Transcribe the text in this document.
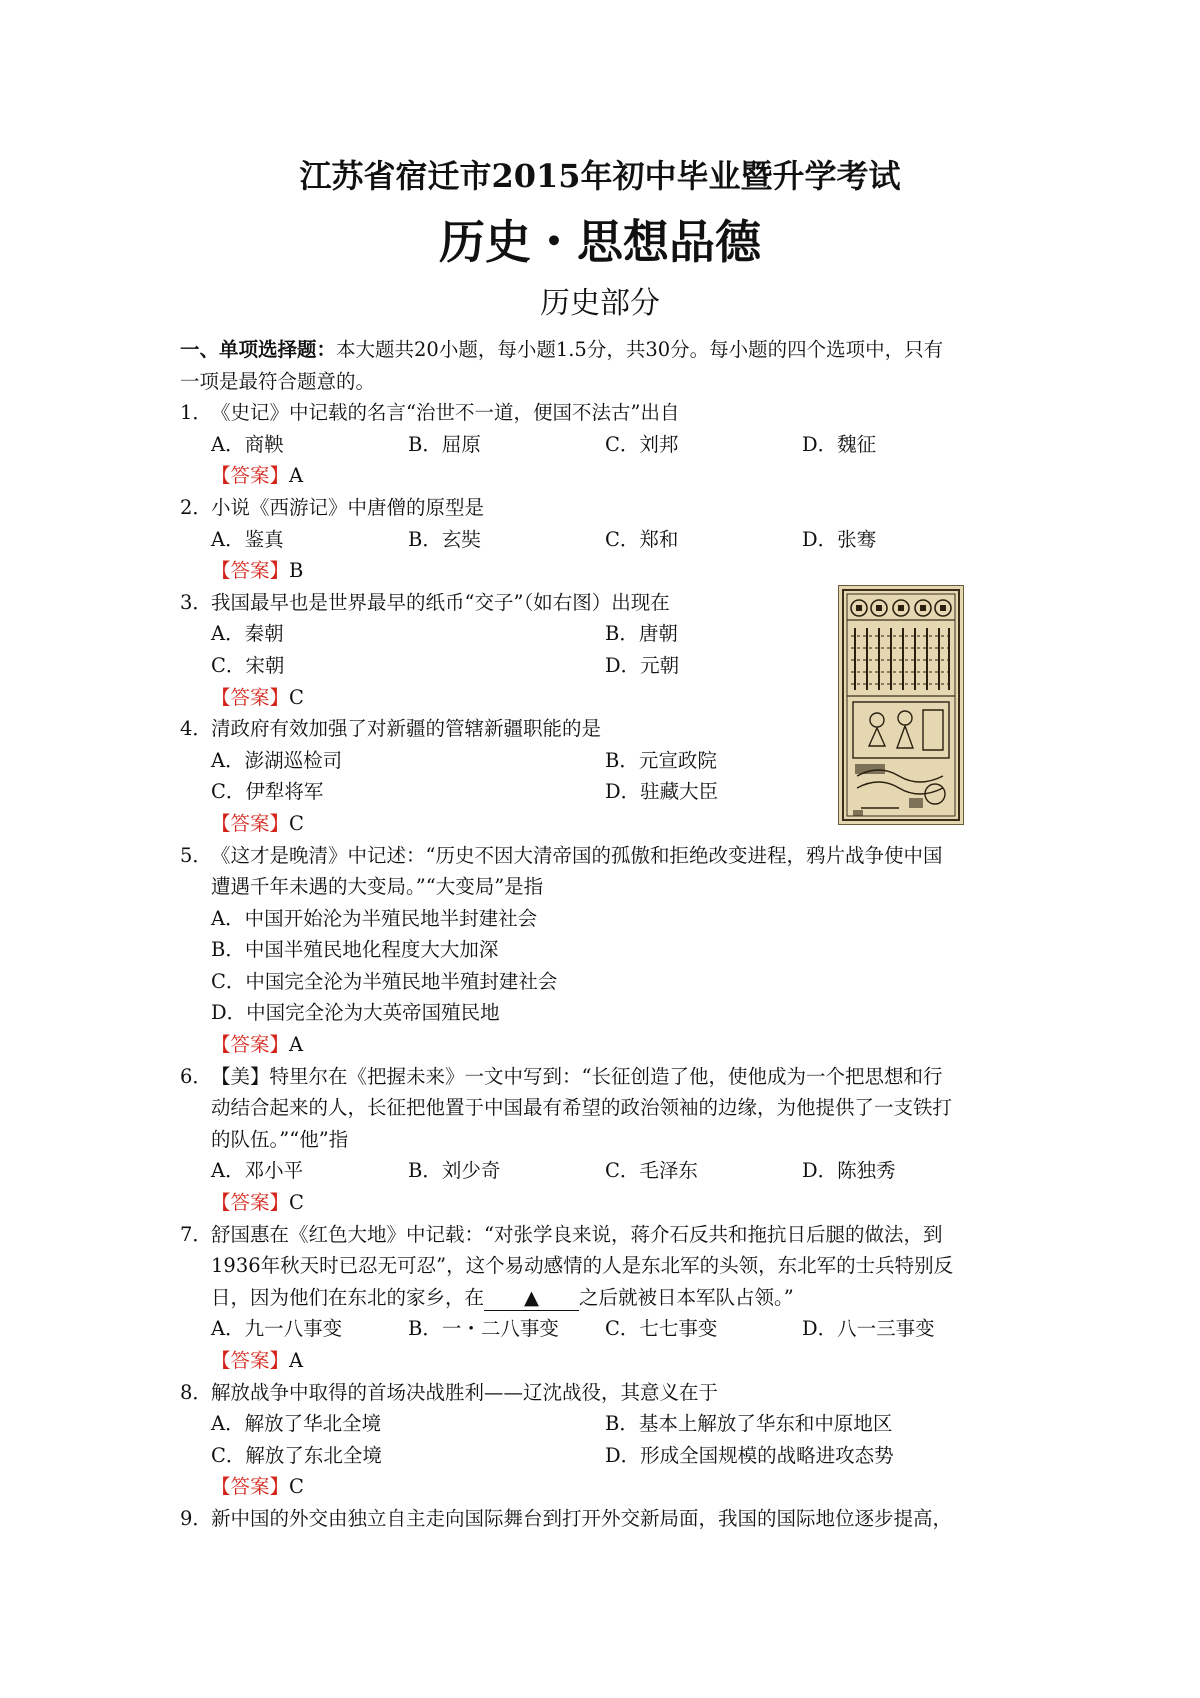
江苏省宿迁市2015年初中毕业暨升学考试
历史・思想品德
历史部分
一、单项选择题：本大题共20小题，每小题1.5分，共30分。每小题的四个选项中，只有
一项是最符合题意的。
1．《史记》中记载的名言“治世不一道，便国不法古”出自
A．商鞅	B．屈原	C．刘邦	D．魏征
【答案】A
2．小说《西游记》中唐僧的原型是
A．鉴真	B．玄奘	C．郑和	D．张骞
【答案】B
3．我国最早也是世界最早的纸币“交子”（如右图）出现在
A．秦朝	B．唐朝
C．宋朝	D．元朝
【答案】C
4．清政府有效加强了对新疆的管辖新疆职能的是
A．澎湖巡检司	B．元宣政院
C．伊犁将军	D．驻藏大臣
【答案】C
5．《这才是晚清》中记述：“历史不因大清帝国的孤傲和拒绝改变进程，鸦片战争使中国
遭遇千年未遇的大变局。”“大变局”是指
A．中国开始沦为半殖民地半封建社会
B．中国半殖民地化程度大大加深
C．中国完全沦为半殖民地半殖封建社会
D．中国完全沦为大英帝国殖民地
【答案】A
6．【美】特里尔在《把握未来》一文中写到：“长征创造了他，使他成为一个把思想和行
动结合起来的人，长征把他置于中国最有希望的政治领袖的边缘，为他提供了一支铁打
的队伍。”“他”指
A．邓小平	B．刘少奇	C．毛泽东	D．陈独秀
【答案】C
7．舒国惠在《红色大地》中记载：“对张学良来说，蒋介石反共和拖抗日后腿的做法，到
1936年秋天时已忍无可忍”，这个易动感情的人是东北军的头领，东北军的士兵特别反
日，因为他们在东北的家乡，在 ▲ 之后就被日本军队占领。”
A．九一八事变	B．一・二八事变	C．七七事变	D．八一三事变
【答案】A
8．解放战争中取得的首场决战胜利——辽沈战役，其意义在于
A．解放了华北全境	B．基本上解放了华东和中原地区
C．解放了东北全境	D．形成全国规模的战略进攻态势
【答案】C
9．新中国的外交由独立自主走向国际舞台到打开外交新局面，我国的国际地位逐步提高，
